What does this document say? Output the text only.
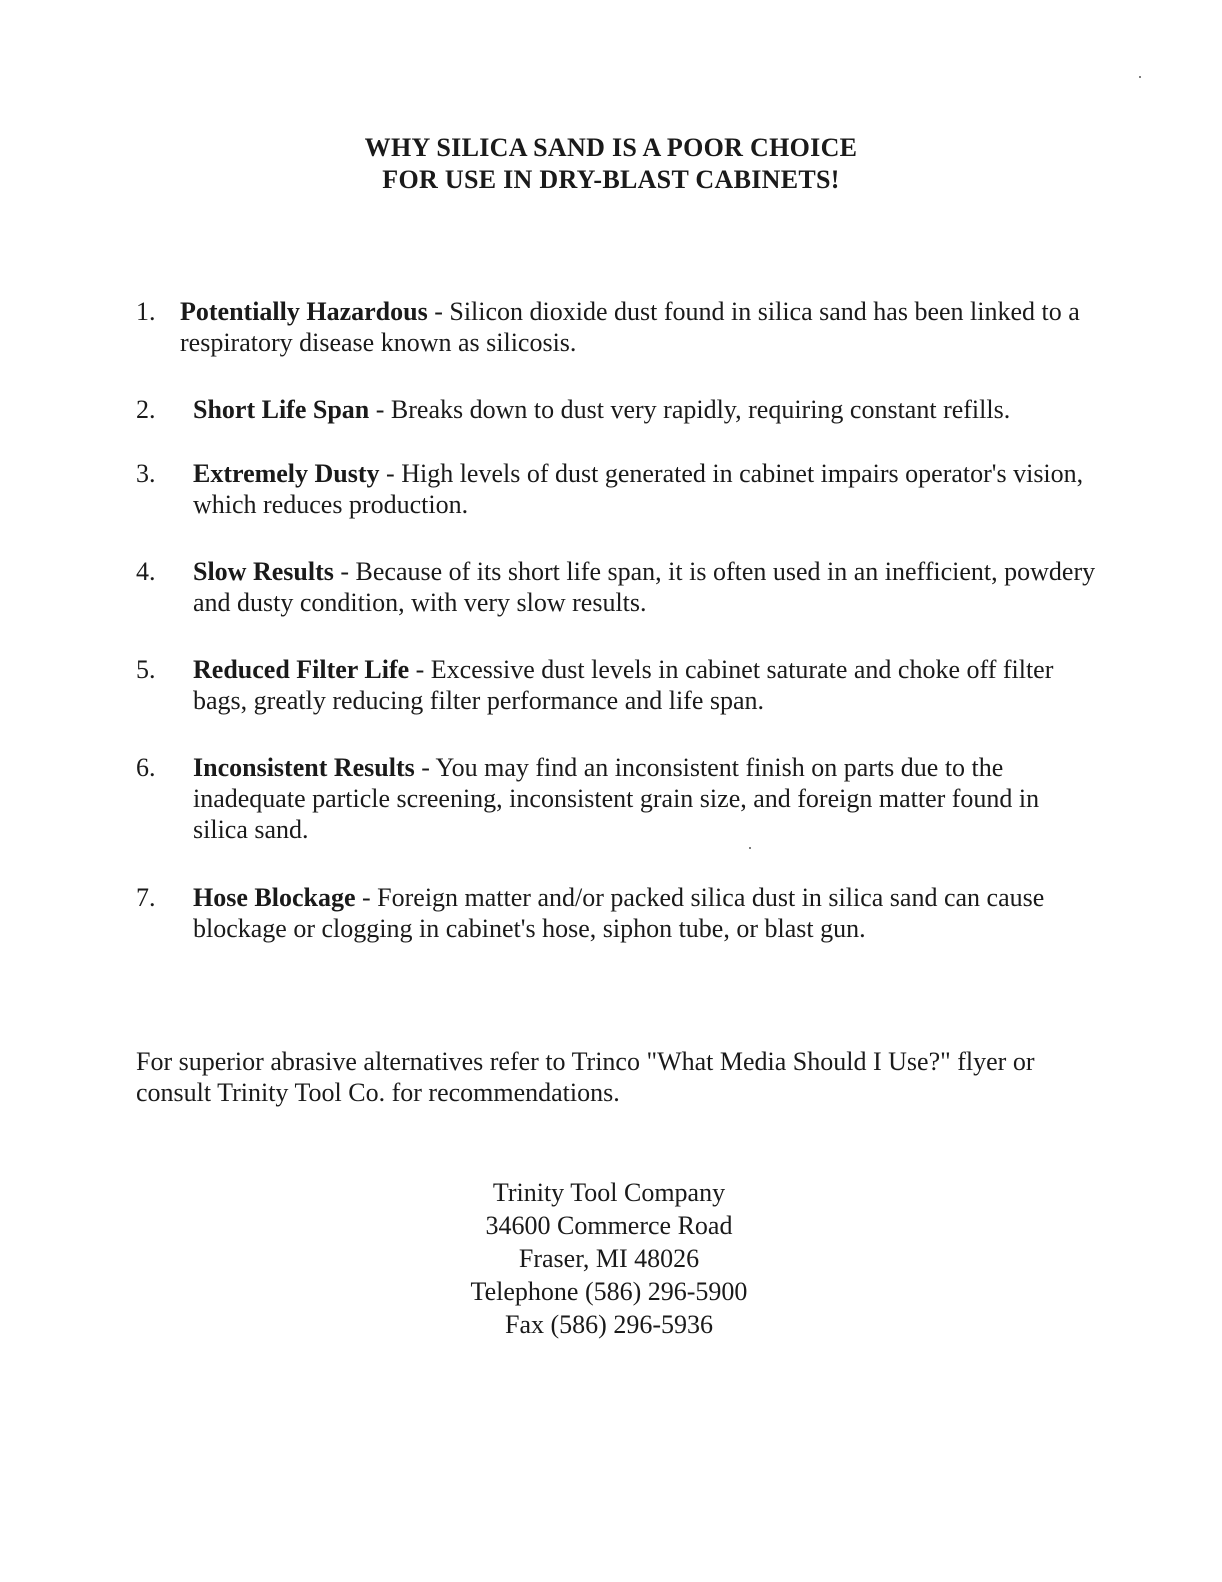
WHY SILICA SAND IS A POOR CHOICE
FOR USE IN DRY-BLAST CABINETS!
1. Potentially Hazardous - Silicon dioxide dust found in silica sand has been linked to a respiratory disease known as silicosis.
2.	Short Life Span - Breaks down to dust very rapidly, requiring constant refills.
3.	Extremely Dusty - High levels of dust generated in cabinet impairs operator's vision, which reduces production.
4.	Slow Results - Because of its short life span, it is often used in an inefficient, powdery and dusty condition, with very slow results.
5.	Reduced Filter Life - Excessive dust levels in cabinet saturate and choke off filter bags, greatly reducing filter performance and life span.
6.	Inconsistent Results - You may find an inconsistent finish on parts due to the inadequate particle screening, inconsistent grain size, and foreign matter found in silica sand.
7.	Hose Blockage - Foreign matter and/or packed silica dust in silica sand can cause blockage or clogging in cabinet's hose, siphon tube, or blast gun.
For superior abrasive alternatives refer to Trinco "What Media Should I Use?" flyer or consult Trinity Tool Co. for recommendations.
Trinity Tool Company
34600 Commerce Road
Fraser, MI 48026
Telephone (586) 296-5900
Fax (586) 296-5936
